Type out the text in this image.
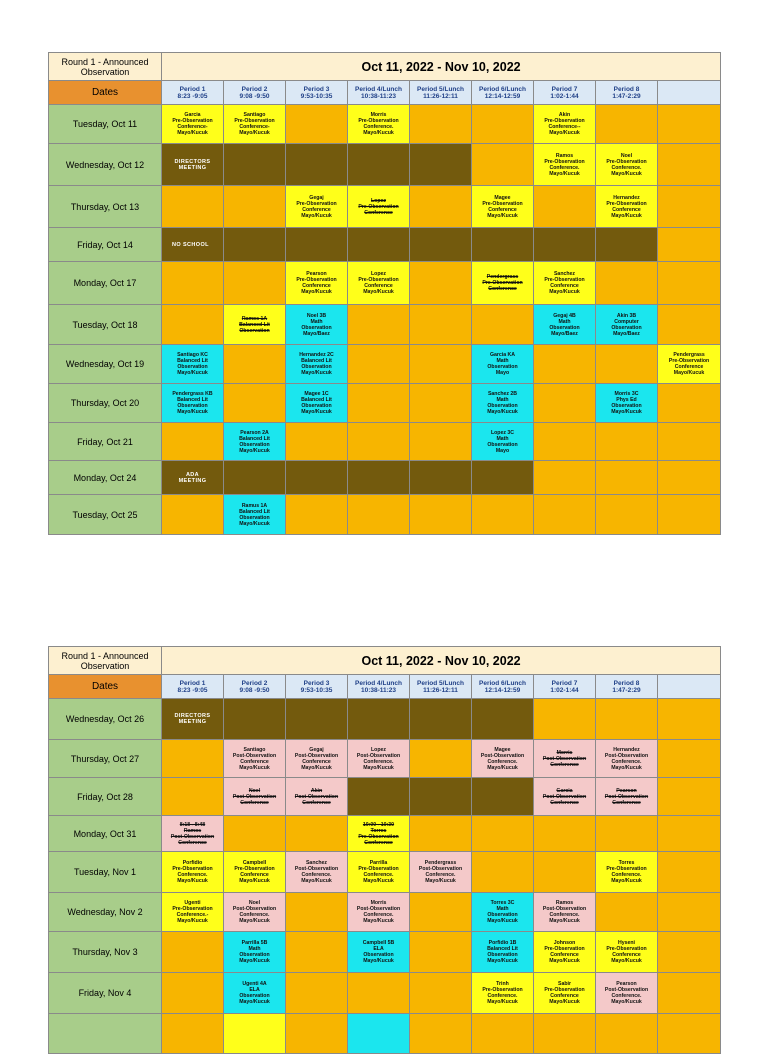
Round 1 - Announced Observation	Oct 11, 2022 - Nov 10, 2022								
Dates	Period 1
8:23 -9:05	Period 2
9:08 -9:50	Period 3
9:53-10:35	Period 4/Lunch
10:38-11:23	Period 5/Lunch
11:26-12:11	Period 6/Lunch
12:14-12:59	Period 7
1:02-1:44	Period 8
1:47-2:29	

Tuesday, Oct 11	Garcia
Pre-Observation
Conference-
Mayo/Kucuk	Santiago
Pre-Observation
Conference-
Mayo/Kucuk		Morris
Pre-Observation
Conference.
Mayo/Kucuk			Akin
Pre-Observation
Conference--
Mayo/Kucuk		

Wednesday, Oct 12	DIRECTORS
MEETING						Ramos
Pre-Observation
Conference.
Mayo/Kucuk	Noel
Pre-Observation
Conference.
Mayo/Kucuk	

Thursday, Oct 13			Gegaj
Pre-Observation
Conference
Mayo/Kucuk	Lopez
Pre-Observation
Conference		Magee
Pre-Observation
Conference
Mayo/Kucuk		Hernandez
Pre-Observation
Conference
Mayo/Kucuk	

Friday, Oct 14	NO SCHOOL								

Monday, Oct 17			Pearson
Pre-Observation
Conference
Mayo/Kucuk	Lopez
Pre-Observation
Conference
Mayo/Kucuk		Pendergrass
Pre-Observation
Conference	Sanchez
Pre-Observation
Conference
Mayo/Kucuk		

Tuesday, Oct 18		Ramos 1A
Balanced Lit
Observation	Noel 3B
Math
Observation
Mayo/Baez				Gegaj 4B
Math
Observation
Mayo/Baez	Akin 3B
Computer
Observation
Mayo/Baez	

Wednesday, Oct 19	Santiago KC
Balanced Lit
Observation
Mayo/Kucuk		Hernandez 2C
Balanced Lit
Observation
Mayo/Kucuk			Garcia KA
Math
Observation
Mayo			Pendergrass
Pre-Observation
Conference
Mayo/Kucuk

Thursday, Oct 20	Pendergrass KB
Balanced Lit
Observation
Mayo/Kucuk		Magee 1C
Balanced Lit
Observation
Mayo/Kucuk			Sanchez 2B
Math
Observation
Mayo/Kucuk		Morris 3C
Phys Ed
Observation
Mayo/Kucuk	

Friday, Oct 21		Pearson 2A
Balanced Lit
Observation
Mayo/Kucuk				Lopez 3C
Math
Observation
Mayo			

Monday, Oct 24	ADA
MEETING								

Tuesday, Oct 25		Ramus 1A
Balanced Lit
Observation
Mayo/Kucuk							

Round 1 - Announced Observation	Oct 11, 2022 - Nov 10, 2022								
Dates	Period 1
8:23 -9:05	Period 2
9:08 -9:50	Period 3
9:53-10:35	Period 4/Lunch
10:38-11:23	Period 5/Lunch
11:26-12:11	Period 6/Lunch
12:14-12:59	Period 7
1:02-1:44	Period 8
1:47-2:29	

Wednesday, Oct 26	DIRECTORS
MEETING								

Thursday, Oct 27		Santiago
Post-Observation
Conference
Mayo/Kucuk	Gegaj
Post-Observation
Conference
Mayo/Kucuk	Lopez
Post-Observation
Conference.
Mayo/Kucuk		Magee
Post-Observation
Conference.
Mayo/Kucuk	Morris
Post-Observation
Conference	Hernandez
Post-Observation
Conference.
Mayo/Kucuk	

Friday, Oct 28		Noel
Post-Observation
Conference	Akin
Post-Observation
Conference				Garcia
Post-Observation
Conference	Pearson
Post-Observation
Conference	

Monday, Oct 31	8:18 - 8:48
Ramos
Post-Observation
Conference			10:00 - 10:30
Torres
Pre-Observation
Conference					

Tuesday, Nov 1	Porfidio
Pre-Observation
Conference.
Mayo/Kucuk	Campbell
Pre-Observation
Conference
Mayo/Kucuk	Sanchez
Post-Observation
Conference.
Mayo/Kucuk	Parrilla
Pre-Observation
Conference.
Mayo/Kucuk	Pendergrass
Post-Observation
Conference.
Mayo/Kucuk			Torres
Pre-Observation
Conference.
Mayo/Kucuk	

Wednesday, Nov 2	Ugenti
Pre-Observation
Conference.-
Mayo/Kucuk	Noel
Post-Observation
Conference.
Mayo/Kucuk		Morris
Post-Observation
Conference.
Mayo/Kucuk		Torres 3C
Math
Observation
Mayo/Kucuk	Ramos
Post-Observation
Conference.
Mayo/Kucuk		

Thursday, Nov 3		Parrilla 5B
Math
Observation
Mayo/Kucuk		Campbell 5B
ELA
Observation
Mayo/Kucuk		Porfidio 1B
Balanced Lit
Observation
Mayo/Kucuk	Johnson
Pre-Observation
Conference
Mayo/Kucuk	Hyseni
Pre-Observation
Conference
Mayo/Kucuk	

Friday, Nov 4		Ugenti 4A
ELA
Observation
Mayo/Kucuk				Trinh
Pre-Observation
Conference.
Mayo/Kucuk	Sabir
Pre-Observation
Conference
Mayo/Kucuk	Pearson
Post-Observation
Conference.
Mayo/Kucuk	
